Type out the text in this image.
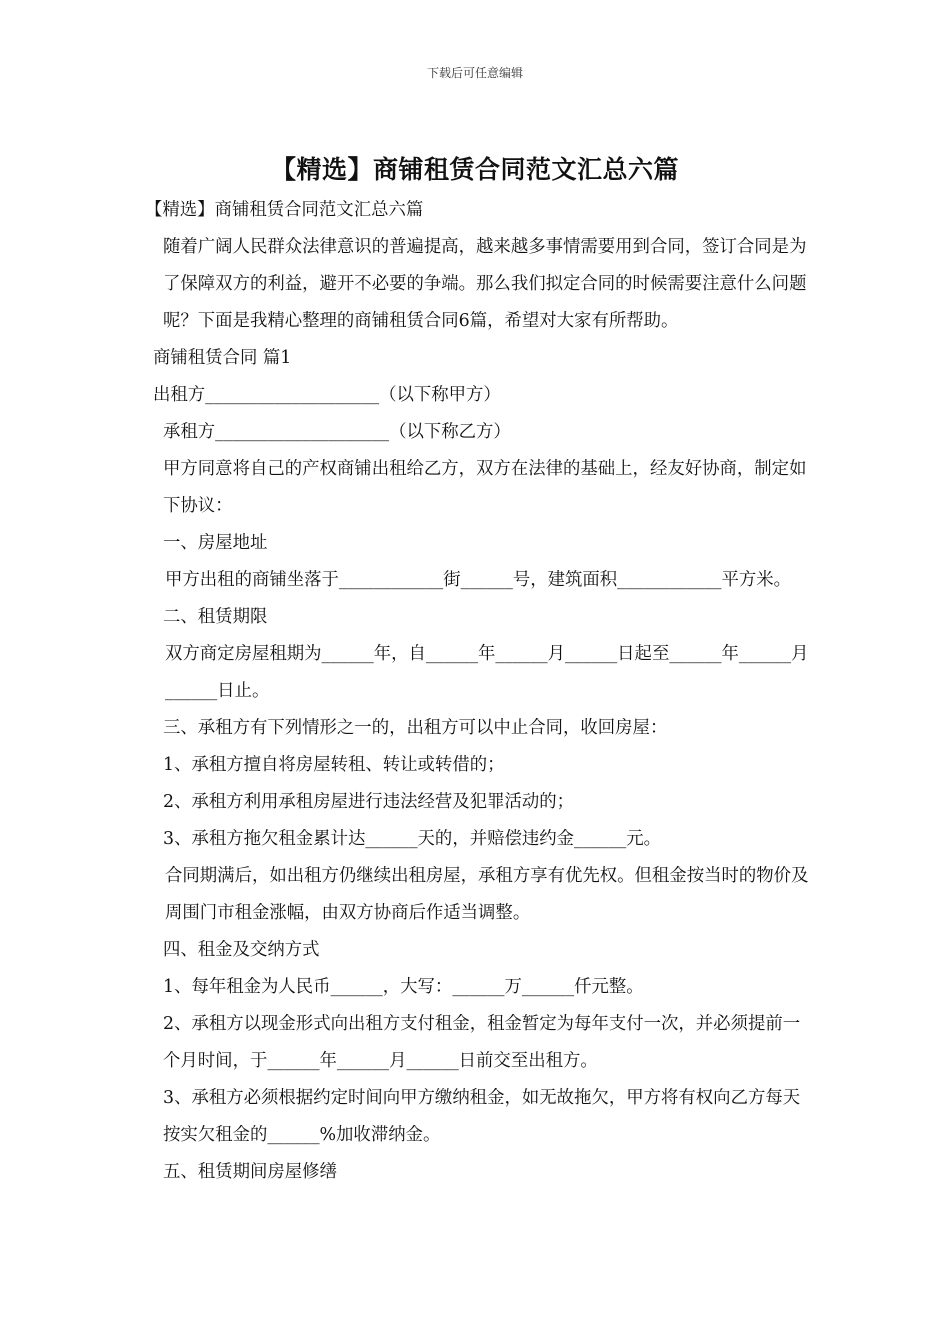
下载后可任意编辑
【精选】商铺租赁合同范文汇总六篇

【精选】商铺租赁合同范文汇总六篇

随着广阔人民群众法律意识的普遍提高，越来越多事情需要用到合同，签订合同是为了保障双方的利益，避开不必要的争端。那么我们拟定合同的时候需要注意什么问题呢？下面是我精心整理的商铺租赁合同6篇，希望对大家有所帮助。

商铺租赁合同 篇1

出租方____________________（以下称甲方）

承租方____________________（以下称乙方）

甲方同意将自己的产权商铺出租给乙方，双方在法律的基础上，经友好协商，制定如下协议：

一、房屋地址

甲方出租的商铺坐落于____________街______号，建筑面积____________平方米。

二、租赁期限

双方商定房屋租期为______年，自______年______月______日起至______年______月______日止。

三、承租方有下列情形之一的，出租方可以中止合同，收回房屋：

1、承租方擅自将房屋转租、转让或转借的；

2、承租方利用承租房屋进行违法经营及犯罪活动的；

3、承租方拖欠租金累计达______天的，并赔偿违约金______元。

合同期满后，如出租方仍继续出租房屋，承租方享有优先权。但租金按当时的物价及周围门市租金涨幅，由双方协商后作适当调整。

四、租金及交纳方式

1、每年租金为人民币______，大写：______万______仟元整。

2、承租方以现金形式向出租方支付租金，租金暂定为每年支付一次，并必须提前一个月时间，于______年______月______日前交至出租方。

3、承租方必须根据约定时间向甲方缴纳租金，如无故拖欠，甲方将有权向乙方每天按实欠租金的______%加收滞纳金。

五、租赁期间房屋修缮
